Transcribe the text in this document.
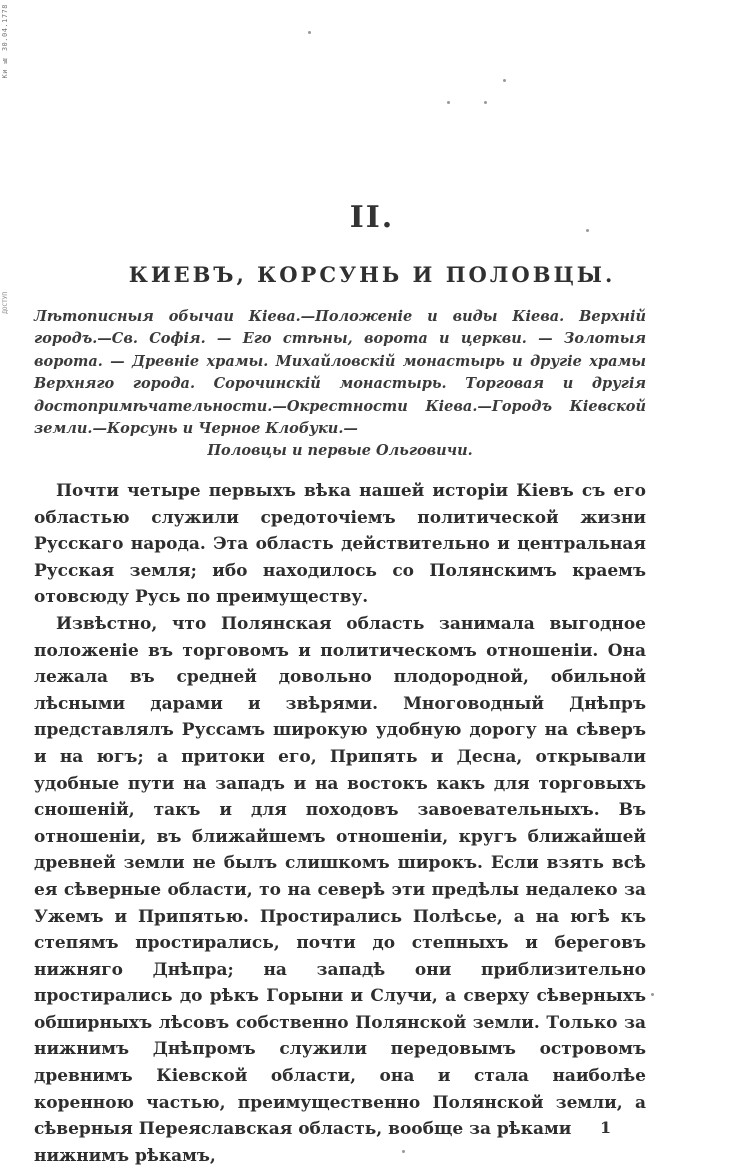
Ки № 30.04.1778
ДОСТУП
II.
КИЕВЪ, КОРСУНЬ И ПОЛОВЦЫ.
Лѣтописныя обычаи Кіева.—Положеніе и виды Кіева. Верхній городъ.—Св. Софія. — Его стѣны, ворота и церкви. — Золотыя ворота. — Древніе храмы. Михайловскій монастырь и другіе храмы Верхняго города. Сорочинскій монастырь. Торговая и другія достопримѣчательности.—Окрестности Кіева.—Городъ Кіевской земли.—Корсунь и Черное Клобуки.—
Половцы и первые Ольговичи.

Почти четыре первыхъ вѣка нашей исторіи Кіевъ съ его областью служили средоточіемъ политической жизни Русскаго народа. Эта область действительно и центральная Русская земля; ибо находилось со Полянскимъ краемъ отовсюду Русь по преимуществу.

Извѣстно, что Полянская область занимала выгодное положеніе въ торговомъ и политическомъ отношеніи. Она лежала въ средней довольно плодородной, обильной лѣсными дарами и звѣрями. Многоводный Днѣпръ представлялъ Руссамъ широкую удобную дорогу на сѣверъ и на югъ; а притоки его, Припять и Десна, открывали удобные пути на западъ и на востокъ какъ для торговыхъ сношеній, такъ и для походовъ завоевательныхъ. Въ отношеніи, въ ближайшемъ отношеніи, кругъ ближайшей древней земли не былъ слишкомъ широкъ. Если взять всѣ ея сѣверные области, то на северѣ эти предѣлы недалеко за Ужемъ и Припятью. Простирались Полѣсье, а на югѣ къ степямъ простирались, почти до степныхъ и береговъ нижняго Днѣпра; на западѣ они приблизительно простирались до рѣкъ Горыни и Случи, а сверху сѣверныхъ обширныхъ лѣсовъ собственно Полянской земли. Только за нижнимъ Днѣпромъ служили передовымъ островомъ древнимъ Кіевской области, она и стала наиболѣе коренною частью, преимущественно Полянской земли, а сѣверныя Переяславская область, вообще за рѣками

нижнимъ рѣкамъ,

1
